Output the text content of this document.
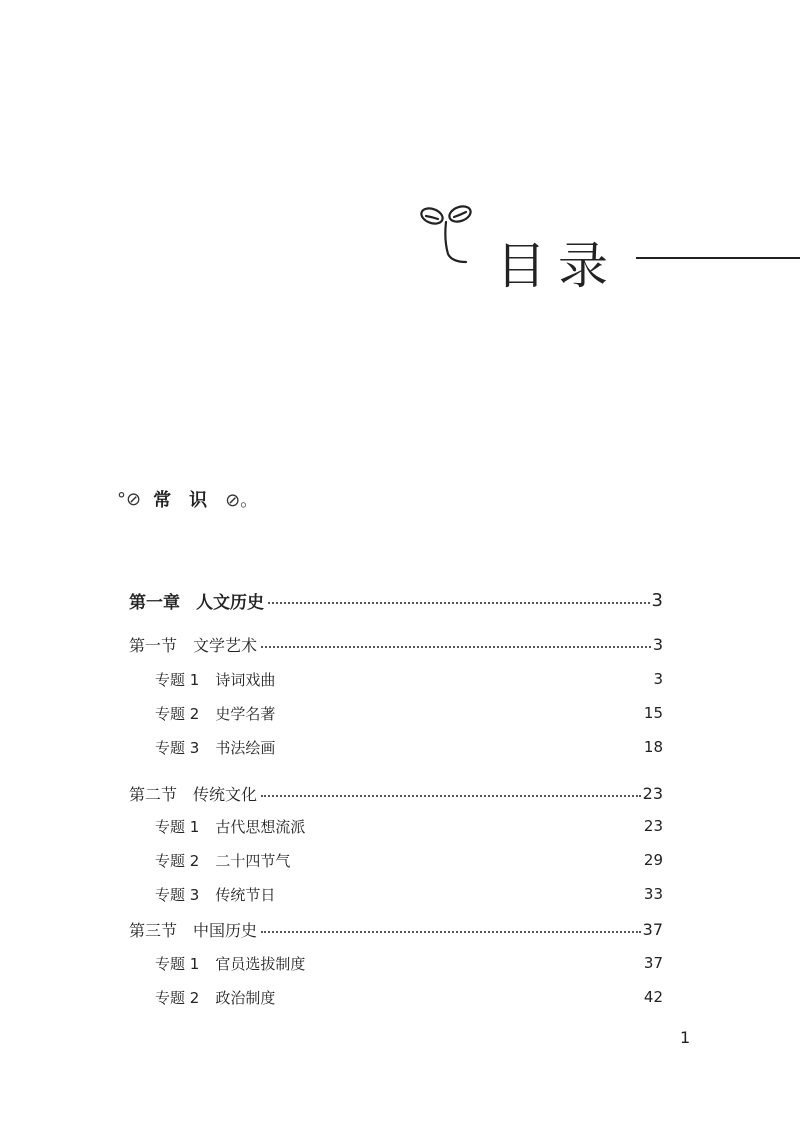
目录
°⊘ 常识 ⊘。
第一章 人文历史	3
第一节 文学艺术	3
专题 1 诗词戏曲	3
专题 2 史学名著	15
专题 3 书法绘画	18
第二节 传统文化	23
专题 1 古代思想流派	23
专题 2 二十四节气	29
专题 3 传统节日	33
第三节 中国历史	37
专题 1 官员选拔制度	37
专题 2 政治制度	42
1
